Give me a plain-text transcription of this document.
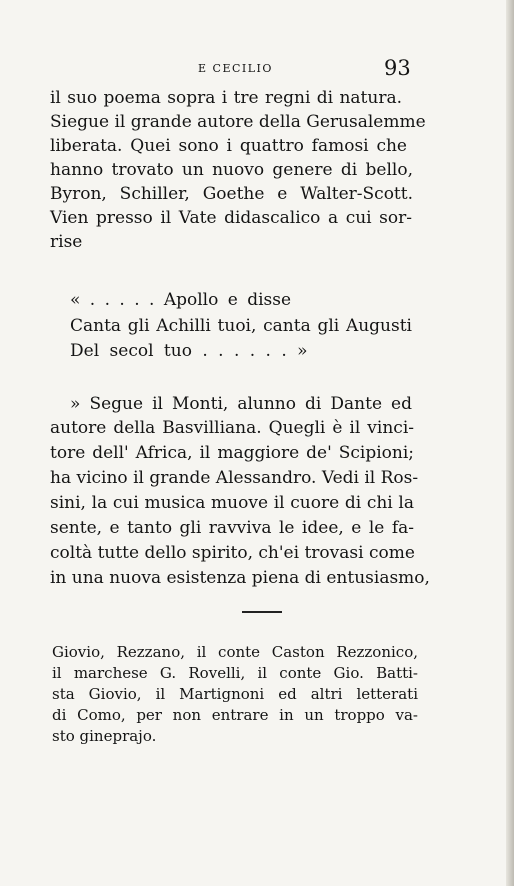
E CECILIO	93
il suo poema sopra i tre regni di natura.
Siegue il grande autore della Gerusalemme
liberata. Quei sono i quattro famosi che
hanno trovato un nuovo genere di bello,
Byron, Schiller, Goethe e Walter-Scott.
Vien presso il Vate didascalico a cui sor-
rise
« . . . . . Apollo e disse
Canta gli Achilli tuoi, canta gli Augusti
Del secol tuo . . . . . . »
» Segue il Monti, alunno di Dante ed
autore della Basvilliana. Quegli è il vinci-
tore dell' Africa, il maggiore de' Scipioni;
ha vicino il grande Alessandro. Vedi il Ros-
sini, la cui musica muove il cuore di chi la
sente, e tanto gli ravviva le idee, e le fa-
coltà tutte dello spirito, ch'ei trovasi come
in una nuova esistenza piena di entusiasmo,
Giovio, Rezzano, il conte Caston Rezzonico,
il marchese G. Rovelli, il conte Gio. Batti-
sta Giovio, il Martignoni ed altri letterati
di Como, per non entrare in un troppo va-
sto gineprajo.
